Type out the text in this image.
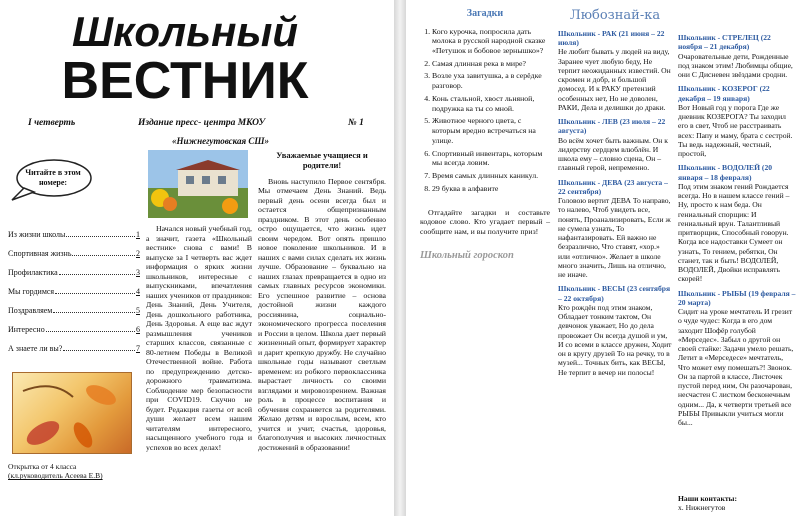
Школьный
ВЕСТНИК
I четверть	Издание пресс- центра МКОУ	№ 1
«Нижнегутовская СШ»
Читайте в этом номере:
Из жизни школы	1
Спортивная жизнь	2
Профилактика	3
Мы гордимся	4
Поздравляем	5
Интересно	6
А знаете ли вы?	7
Открытка от 4 класса
(кл.руководитель Асеева Е.В)

Начался новый учебный год, а значит, газета «Школьный вестник» снова с вами! В выпуске за I четверть вас ждет информация о ярких жизни школьников, интересные с выпускниками, впечатления наших учеников от праздников: День Знаний, День Учителя, День дошкольного работника, День Здоровья. А еще вас ждут размышления учеников старших классов, связанные с 80-летием Победы в Великой Отечественной войне. Работа по предупреждению детско-дорожного травматизма. Соблюдение мер безопасности при COVID19. Скучно не будет. Редакция газеты от всей души желает всем нашим читателям интересного, насыщенного учебного года и успехов во всех делах!

Уважаемые учащиеся и родители!

Вновь наступило Первое сентября. Мы отмечаем День Знаний. Ведь первый день осени всегда был и остается общепризнанным праздником. В этот день особенно остро ощущается, что жизнь идет своим чередом. Вот опять пришло новое поколение школьников. И в наших с вами силах сделать их жизнь лучше. Образование – буквально на наших глазах превращается в одно из самых главных ресурсов экономики. Его успешное развитие – основа достойной жизни каждого россиянина, социально-экономического прогресса поселения и России в целом. Школа дает первый жизненный опыт, формирует характер и дарит крепкую дружбу. Не случайно школьные годы называют светлым временем: из робкого первоклассника вырастает личность со своими взглядами и мировоззрением. Важная роль в процессе воспитания и обучения сохраняется за родителями. Желаю детям и взрослым, всем, кто учится и учит, счастья, здоровья, благополучия и высоких личностных достижений в образовании!

Загадки
1. Кого курочка, попросила дать молока в русской народной сказке «Петушок и бобовое зернышко»?
2. Самая длинная река в мире?
3. Возле уха завитушка, а в серёдке разговор.
4. Конь стальной, хвост льняной, подружка ка ты со мной.
5. Животное черного цвета, с которым вредно встречаться на улице.
6. Спортивный инвентарь, которым мы всегда ловим.
7. Время самых длинных каникул.
8. 29 буква в алфавите

Отгадайте загадки и составьте кодовое слово. Кто угадает первый – сообщите нам, и вы получите приз!

Школьный гороскоп
Любознай-ка
Школьник - РАК (21 июня – 22 июля)
Не любит бывать у людей на виду, Заранее чует любую беду, Не терпит неожиданных известий. Он скромен и добр, и большой домосед. И к РАКУ претензий особенных нет, Но не доволен, РАКИ, Дела и делишки до драки.
Школьник - ЛЕВ (23 июля – 22 августа)
Во всём хочет быть важным. Он к лидерству сердцем влюблён. И школа ему – словно сцена, Он – главный герой, непременно.
Школьник - ДЕВА (23 августа – 22 сентября)
Головою вертит ДЕВА То направо, то налево, Чтоб увидеть все, понять, Проанализировать, Если ж не сумела узнать, То нафантазировать. Ей важно не безразлично, Что ставят, «хор.» или «отлично». Желает в школе много значить, Лишь на отлично, не иначе.
Школьник - ВЕСЫ (23 сентября – 22 октября)
Кто рождён под этим знаком, Обладает тонким тактом, Он девчонок уважает, Но до дела провожает Он всегда душой и ум, И со всеми в классе дружен, Ходит он в кругу друзей То на речку, то в музей... Точных бить, как ВЕСЫ, Не терпит в вечер ни полосы!
Школьник - СТРЕЛЕЦ (22 ноября – 21 декабря)
Очаровательные дети, Рожденные под знаком этим! Любимцы общие, они С Дисневен звёздами сродни.
Школьник - КОЗЕРОГ (22 декабря – 19 января)
Вот Новый год у порога Где же дневник КОЗЕРОГА? Ты заходил его в свет, Чтоб не расстраивать всех: Папу и маму, брата с сестрой. Ты ведь надежный, честный, простой,
Школьник - ВОДОЛЕЙ (20 января – 18 февраля)
Под этим знаком гений Рождается всегда. Но в нашем классе гений – Ну, просто к нам беда. Он гениальный спорщик: И гениальный врун. Талантливый притворщик, Способный говорун. Когда все надоставки Сумеет он узнать, То гением, ребятки, Он станет, так и быть! ВОДОЛЕЙ, ВОДОЛЕЙ, Двойки исправлять скорей!
Школьник - РЫБЫ (19 февраля – 20 марта)
Сидит на уроке мечтатель И грезит о чуде чудес: Когда в его дом заходит Шофёр голубой «Мерседес». Забыл о другой он своей стайке: Задачи умело решать, Летит в «Мерседесе» мечтатель, Что может ему помешать?! Звонок. Он за партой в классе, Листочек пустой перед ним, Он разочарован, несчастен С листком бесконечным одним... Да, к четверти третьей все РЫБЫ Привыкли учиться могли бы...
Наши контакты:
х. Нижнегутов
